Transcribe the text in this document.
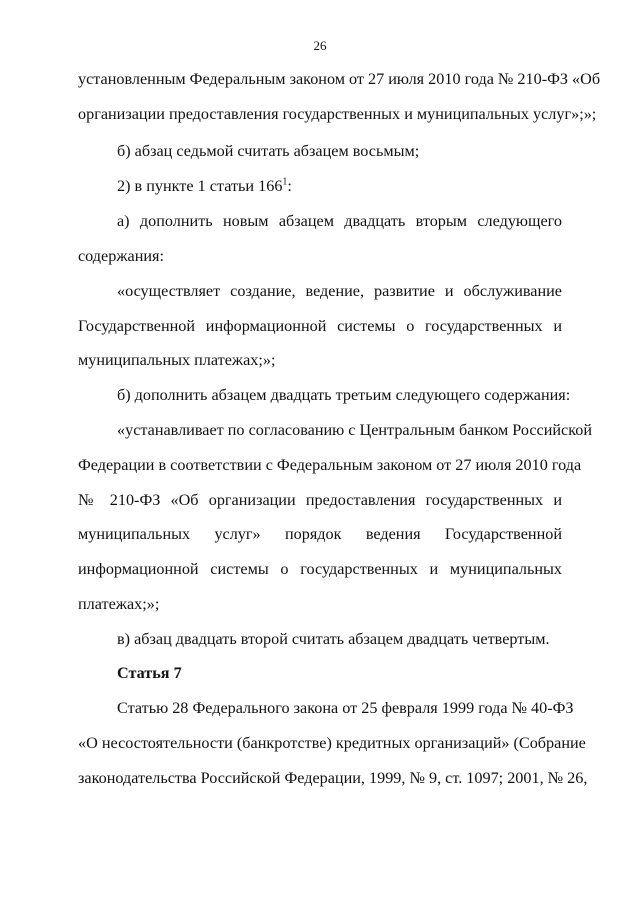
26
установленным Федеральным законом от 27 июля 2010 года № 210-ФЗ «Об
организации предоставления государственных и муниципальных услуг»;»;
б) абзац седьмой считать абзацем восьмым;
2) в пункте 1 статьи $166^1$:
а) дополнить новым абзацем двадцать вторым следующего
содержания:
«осуществляет создание, ведение, развитие и обслуживание
Государственной информационной системы о государственных и
муниципальных платежах;»;
б) дополнить абзацем двадцать третьим следующего содержания:
«устанавливает по согласованию с Центральным банком Российской
Федерации в соответствии с Федеральным законом от 27 июля 2010 года
№ 210-ФЗ «Об организации предоставления государственных и
муниципальных услуг» порядок ведения Государственной
информационной системы о государственных и муниципальных
платежах;»;
в) абзац двадцать второй считать абзацем двадцать четвертым.
Статья 7
Статью 28 Федерального закона от 25 февраля 1999 года № 40-ФЗ
«О несостоятельности (банкротстве) кредитных организаций» (Собрание
законодательства Российской Федерации, 1999, № 9, ст. 1097; 2001, № 26,
